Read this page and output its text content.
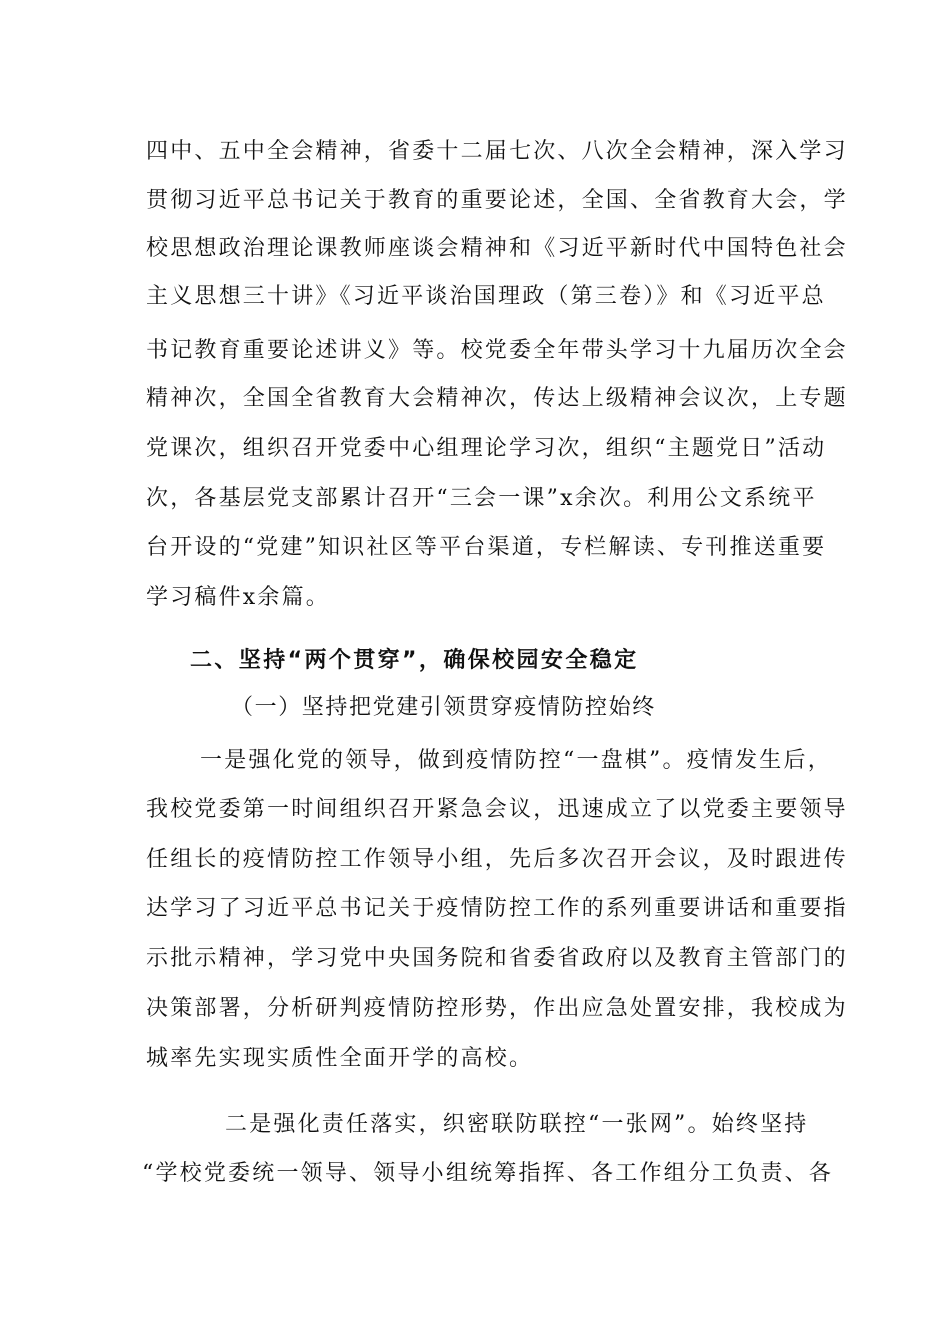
四中、五中全会精神，省委十二届七次、八次全会精神，深入学习
贯彻习近平总书记关于教育的重要论述，全国、全省教育大会，学
校思想政治理论课教师座谈会精神和《习近平新时代中国特色社会
主义思想三十讲》《习近平谈治国理政（第三卷）》和《习近平总
书记教育重要论述讲义》等。校党委全年带头学习十九届历次全会
精神次，全国全省教育大会精神次，传达上级精神会议次，上专题
党课次，组织召开党委中心组理论学习次，组织“主题党日”活动
次，各基层党支部累计召开“三会一课”x余次。利用公文系统平
台开设的“党建”知识社区等平台渠道，专栏解读、专刊推送重要
学习稿件x余篇。
二、坚持“两个贯穿”，确保校园安全稳定
（一）坚持把党建引领贯穿疫情防控始终
一是强化党的领导，做到疫情防控“一盘棋”。疫情发生后，
我校党委第一时间组织召开紧急会议，迅速成立了以党委主要领导
任组长的疫情防控工作领导小组，先后多次召开会议，及时跟进传
达学习了习近平总书记关于疫情防控工作的系列重要讲话和重要指
示批示精神，学习党中央国务院和省委省政府以及教育主管部门的
决策部署，分析研判疫情防控形势，作出应急处置安排，我校成为
城率先实现实质性全面开学的高校。
二是强化责任落实，织密联防联控“一张网”。始终坚持
“学校党委统一领导、领导小组统筹指挥、各工作组分工负责、各
